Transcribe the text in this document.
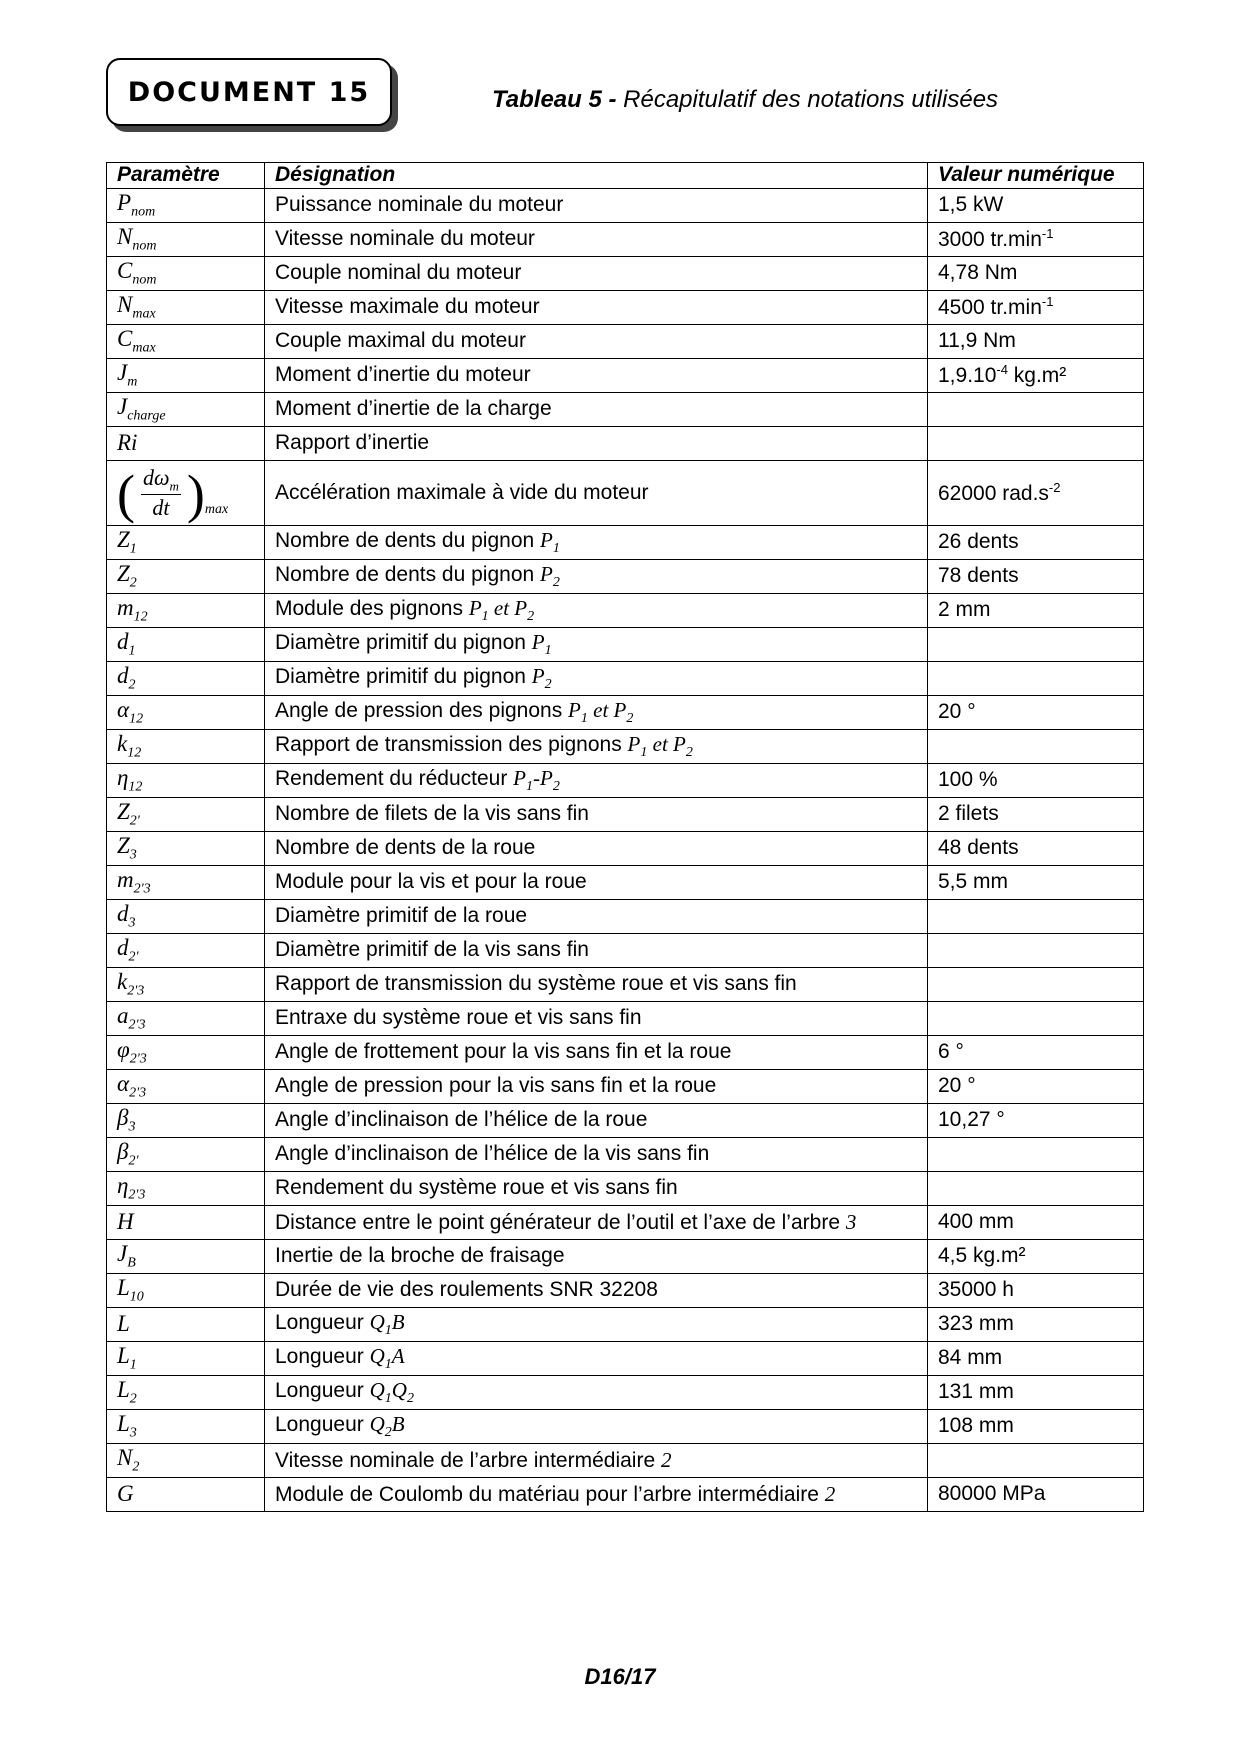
DOCUMENT 15	Tableau 5 - Récapitulatif des notations utilisées
Paramètre	Désignation	Valeur numérique
$P_{nom}$	Puissance nominale du moteur	1,5 kW
$N_{nom}$	Vitesse nominale du moteur	3000 $tr.\min^{-1}$
$C_{nom}$	Couple nominal du moteur	4,78 Nm
$N_{max}$	Vitesse maximale du moteur	4500 $tr.\min^{-1}$
$C_{max}$	Couple maximal du moteur	11,9 Nm
$J_m$	Moment d’inertie du moteur	$1,9.10^{-4}$ kg.m²
$J_{charge}$	Moment d’inertie de la charge	
Ri	Rapport d’inertie	

( $\frac{d\omega_m}{dt}$ ) max	Accélération maximale à vide du moteur	62000 $rad.s^{-2}$
$Z_1$	Nombre de dents du pignon $P_1$	26 dents
$Z_2$	Nombre de dents du pignon $P_2$	78 dents
$m_{12}$	Module des pignons $P_1$ et $P_2$	2 mm
$d_1$	Diamètre primitif du pignon $P_1$	
$d_2$	Diamètre primitif du pignon $P_2$	
$\alpha_{12}$	Angle de pression des pignons $P_1$ et $P_2$	20 °
$k_{12}$	Rapport de transmission des pignons $P_1$ et $P_2$	
$\eta_{12}$	Rendement du réducteur $P_1-P_2$	100 %
$Z_{2'}$	Nombre de filets de la vis sans fin	2 filets
$Z_3$	Nombre de dents de la roue	48 dents
$m_{2'3}$	Module pour la vis et pour la roue	5,5 mm
$d_3$	Diamètre primitif de la roue	
$d_{2'}$	Diamètre primitif de la vis sans fin	
$k_{2'3}$	Rapport de transmission du système roue et vis sans fin	
$a_{2'3}$	Entraxe du système roue et vis sans fin	
$\varphi_{2'3}$	Angle de frottement pour la vis sans fin et la roue	6 °
$\alpha_{2'3}$	Angle de pression pour la vis sans fin et la roue	20 °
$\beta_3$	Angle d’inclinaison de l’hélice de la roue	10,27 °
$\beta_{2'}$	Angle d’inclinaison de l’hélice de la vis sans fin	
$\eta_{2'3}$	Rendement du système roue et vis sans fin	
H	Distance entre le point générateur de l’outil et l’axe de l’arbre 3	400 mm
$J_B$	Inertie de la broche de fraisage	4,5 kg.m²
$L_{10}$	Durée de vie des roulements SNR 32208	35000 h
L	Longueur $Q_1B$	323 mm
$L_1$	Longueur $Q_1A$	84 mm
$L_2$	Longueur $Q_1Q_2$	131 mm
$L_3$	Longueur $Q_2B$	108 mm
$N_2$	Vitesse nominale de l’arbre intermédiaire 2	
G	Module de Coulomb du matériau pour l’arbre intermédiaire 2	80000 MPa
D16/17
